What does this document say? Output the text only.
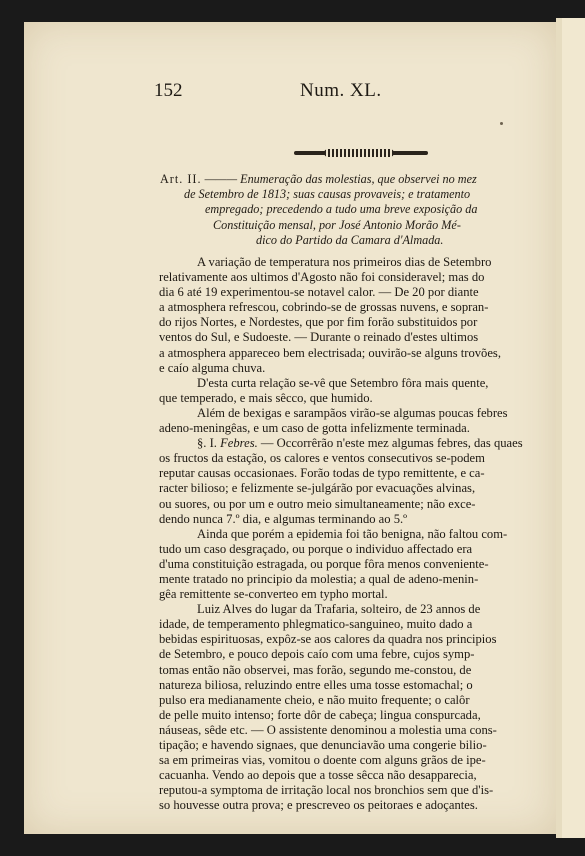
152	Num. XL.
Art. II. ——— Enumeração das molestias, que observei no mez
de Setembro de 1813; suas causas provaveis; e tratamento
empregado; precedendo a tudo uma breve exposição da
Constituição mensal, por José Antonio Morão Mé-
dico do Partido da Camara d'Almada.
A variação de temperatura nos primeiros dias de Setembro
relativamente aos ultimos d'Agosto não foi consideravel; mas do
dia 6 até 19 experimentou-se notavel calor. — De 20 por diante
a atmosphera refrescou, cobrindo-se de grossas nuvens, e sopran-
do rijos Nortes, e Nordestes, que por fim forão substituidos por
ventos do Sul, e Sudoeste. — Durante o reinado d'estes ultimos
a atmosphera appareceo bem electrisada; ouvirão-se alguns trovões,
e caío alguma chuva.
D'esta curta relação se-vê que Setembro fôra mais quente,
que temperado, e mais sêcco, que humido.
Além de bexigas e sarampãos virão-se algumas poucas febres
adeno-meningêas, e um caso de gotta infelizmente terminada.
§. I. Febres. — Occorrêrão n'este mez algumas febres, das quaes
os fructos da estação, os calores e ventos consecutivos se-podem
reputar causas occasionaes. Forão todas de typo remittente, e ca-
racter bilioso; e felizmente se-julgárão por evacuações alvinas,
ou suores, ou por um e outro meio simultaneamente; não exce-
dendo nunca 7.º dia, e algumas terminando ao 5.º
Ainda que porém a epidemia foi tão benigna, não faltou com-
tudo um caso desgraçado, ou porque o individuo affectado era
d'uma constituição estragada, ou porque fôra menos conveniente-
mente tratado no principio da molestia; a qual de adeno-menin-
gêa remittente se-converteo em typho mortal.
Luiz Alves do lugar da Trafaria, solteiro, de 23 annos de
idade, de temperamento phlegmatico-sanguineo, muito dado a
bebidas espirituosas, expôz-se aos calores da quadra nos principios
de Setembro, e pouco depois caío com uma febre, cujos symp-
tomas então não observei, mas forão, segundo me-constou, de
natureza biliosa, reluzindo entre elles uma tosse estomachal; o
pulso era medianamente cheio, e não muito frequente; o calôr
de pelle muito intenso; forte dôr de cabeça; lingua conspurcada,
náuseas, sêde etc. — O assistente denominou a molestia uma cons-
tipação; e havendo signaes, que denunciavão uma congerie bilio-
sa em primeiras vias, vomitou o doente com alguns grãos de ipe-
cacuanha. Vendo ao depois que a tosse sêcca não desapparecia,
reputou-a symptoma de irritação local nos bronchios sem que d'is-
so houvesse outra prova; e prescreveo os peitoraes e adoçantes.
